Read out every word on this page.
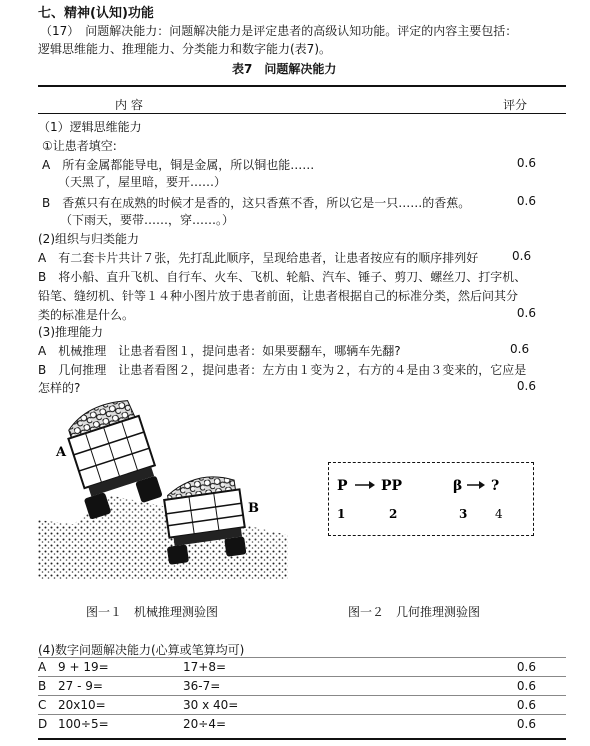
七、精神(认知)功能
（17）　问题解决能力：问题解决能力是评定患者的高级认知功能。评定的内容主要包括：
逻辑思维能力、推理能力、分类能力和数字能力(表7)。
表7　问题解决能力
内 容	评分
（1）逻辑思维能力
①让患者填空:
A　所有金属都能导电，铜是金属，所以铜也能……	0.6
（天黑了，屋里暗，要开……）
B　香蕉只有在成熟的时候才是香的，这只香蕉不香，所以它是一只……的香蕉。	0.6
（下雨天，要带……，穿……。）
(2)组织与归类能力
A　有二套卡片共计７张，先打乱此顺序，呈现给患者，让患者按应有的顺序排列好	0.6
B　将小船、直升飞机、自行车、火车、飞机、轮船、汽车、锤子、剪刀、螺丝刀、打字机、
铅笔、缝纫机、针等１４种小图片放于患者前面，让患者根据自己的标准分类，然后问其分
类的标准是什么。	0.6
(3)推理能力
A　机械推理　让患者看图１，提问患者：如果要翻车，哪辆车先翻?	0.6
B　几何推理　让患者看图２，提问患者：左方由１变为２，右方的４是由３变来的，它应是
怎样的?	0.6
A
B
图一１　机械推理测验图
P PP	β ?
1	2	3 4
图一２　几何推理测验图
(4)数字问题解决能力(心算或笔算均可)
A 9 + 19=	17+8=	0.6
B 27 - 9=	36-7=	0.6
C 20x10=	30 x 40=	0.6
D 100÷5=	20÷4=	0.6
